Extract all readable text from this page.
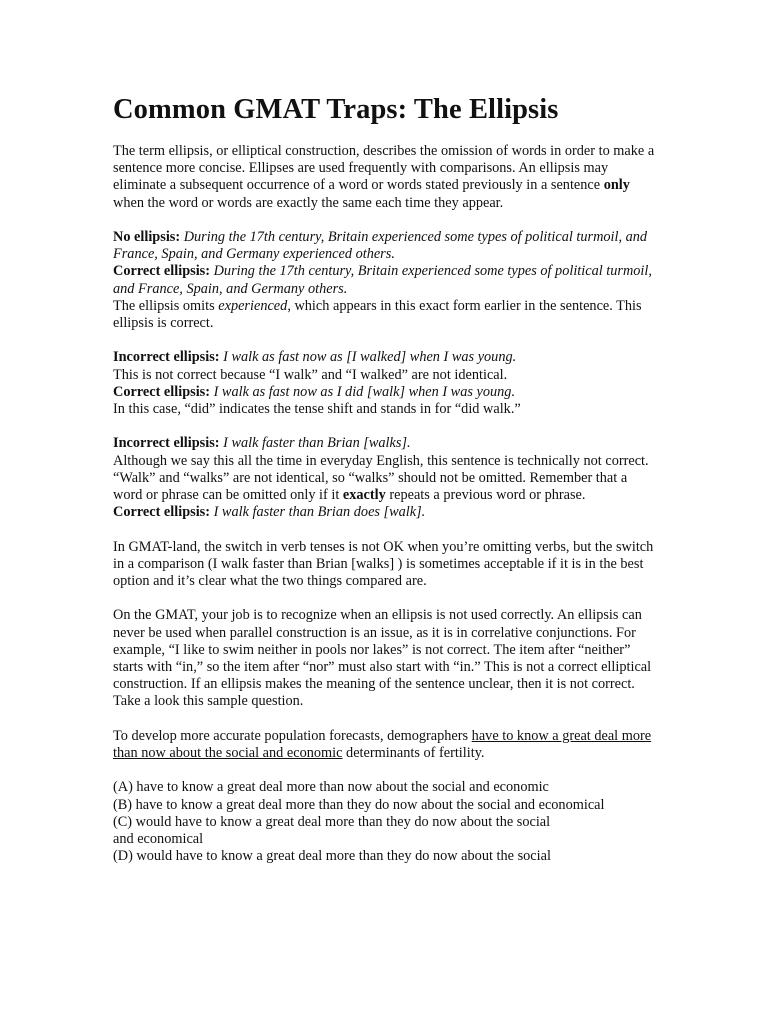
Common GMAT Traps: The Ellipsis

The term ellipsis, or elliptical construction, describes the omission of words in order to make a sentence more concise. Ellipses are used frequently with comparisons. An ellipsis may eliminate a subsequent occurrence of a word or words stated previously in a sentence only when the word or words are exactly the same each time they appear.

No ellipsis: During the 17th century, Britain experienced some types of political turmoil, and France, Spain, and Germany experienced others.

Correct ellipsis: During the 17th century, Britain experienced some types of political turmoil, and France, Spain, and Germany others.

The ellipsis omits experienced, which appears in this exact form earlier in the sentence. This ellipsis is correct.

Incorrect ellipsis: I walk as fast now as [I walked] when I was young.

This is not correct because “I walk” and “I walked” are not identical.

Correct ellipsis: I walk as fast now as I did [walk] when I was young.

In this case, “did” indicates the tense shift and stands in for “did walk.”

Incorrect ellipsis: I walk faster than Brian [walks].

Although we say this all the time in everyday English, this sentence is technically not correct. “Walk” and “walks” are not identical, so “walks” should not be omitted. Remember that a word or phrase can be omitted only if it exactly repeats a previous word or phrase.

Correct ellipsis: I walk faster than Brian does [walk].

In GMAT-land, the switch in verb tenses is not OK when you’re omitting verbs, but the switch in a comparison (I walk faster than Brian [walks] ) is sometimes acceptable if it is in the best option and it’s clear what the two things compared are.

On the GMAT, your job is to recognize when an ellipsis is not used correctly. An ellipsis can never be used when parallel construction is an issue, as it is in correlative conjunctions. For example, “I like to swim neither in pools nor lakes” is not correct. The item after “neither” starts with “in,” so the item after “nor” must also start with “in.” This is not a correct elliptical construction. If an ellipsis makes the meaning of the sentence unclear, then it is not correct. Take a look this sample question.

To develop more accurate population forecasts, demographers have to know a great deal more than now about the social and economic determinants of fertility.

(A) have to know a great deal more than now about the social and economic
(B) have to know a great deal more than they do now about the social and economical
(C) would have to know a great deal more than they do now about the social
and economical
(D) would have to know a great deal more than they do now about the social
